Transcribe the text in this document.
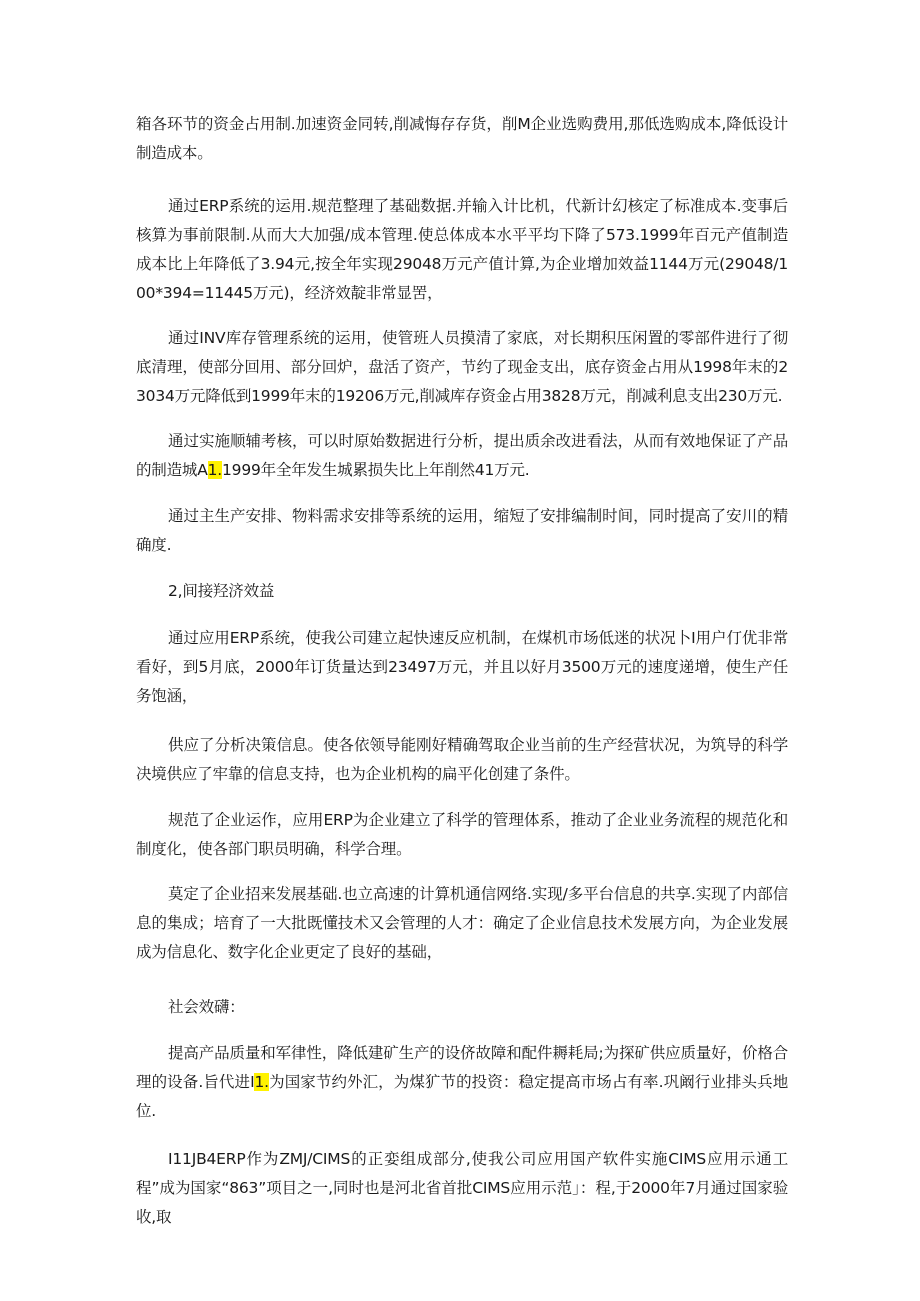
箱各环节的资金占用制.加速资金同转,削减悔存存货，削M企业选购费用,那低选购成本,降低设计制造成本。

通过ERP系统的运用.规范整理了基础数据.并输入计比机，代新计幻核定了标准成本.变事后核算为事前限制.从而大大加强/成本管理.使总体成本水平平均下降了573.1999年百元产值制造成本比上年降低了3.94元,按全年实现29048万元产值计算,为企业增加效益1144万元(29048/100*394=11445万元)，经济效靛非常显罟，

通过INV库存管理系统的运用，使管班人员摸清了家底，对长期积压闲置的零部件进行了彻底清理，使部分回用、部分回炉，盘活了资产，节约了现金支出，底存资金占用从1998年末的23034万元降低到1999年末的19206万元,削减库存资金占用3828万元，削减利息支出230万元.

通过实施顺辅考核，可以时原始数据进行分析，提出质余改进看法，从而有效地保证了产品的制造城A1.1999年全年发生城累损失比上年削然41万元.

通过主生产安排、物料需求安排等系统的运用，缩短了安排编制时间，同时提高了安川的精确度.

2,间接羟济效益

通过应用ERP系统，使我公司建立起快速反应机制，在煤机市场低迷的状况卜I用户仃优非常看好，到5月底，2000年订货量达到23497万元，并且以好月3500万元的速度递增，使生产任务饱涵，

供应了分析决策信息。使各依领导能刚好精确驾取企业当前的生产经营状况，为筑导的科学决境供应了牢靠的信息支持，也为企业机构的扁平化创建了条件。

规范了企业运作，应用ERP为企业建立了科学的管理体系，推动了企业业务流程的规范化和制度化，使各部门职员明确，科学合理。

莫定了企业招来发展基础.也立高速的计算机通信网络.实现/多平台信息的共享.实现了内部信息的集成；培育了一大批既懂技术又会管理的人才：确定了企业信息技术发展方向，为企业发展成为信息化、数字化企业更定了良好的基础，

社会效礴：

提高产品质量和军律性，降低建矿生产的设侪故障和配件耨耗局;为探矿供应质量好，价格合理的设备.旨代进I1.为国家节约外汇，为煤犷节的投资：稳定提高市场占有率.巩阚行业排头兵地位.

I11JB4ERP作为ZMJ/CIMS的正娈组成部分,使我公司应用国产软件实施CIMS应用示通工程”成为国家“863”项目之一,同时也是河北省首批CIMS应用示范」：程,于2000年7月通过国家验收,取
